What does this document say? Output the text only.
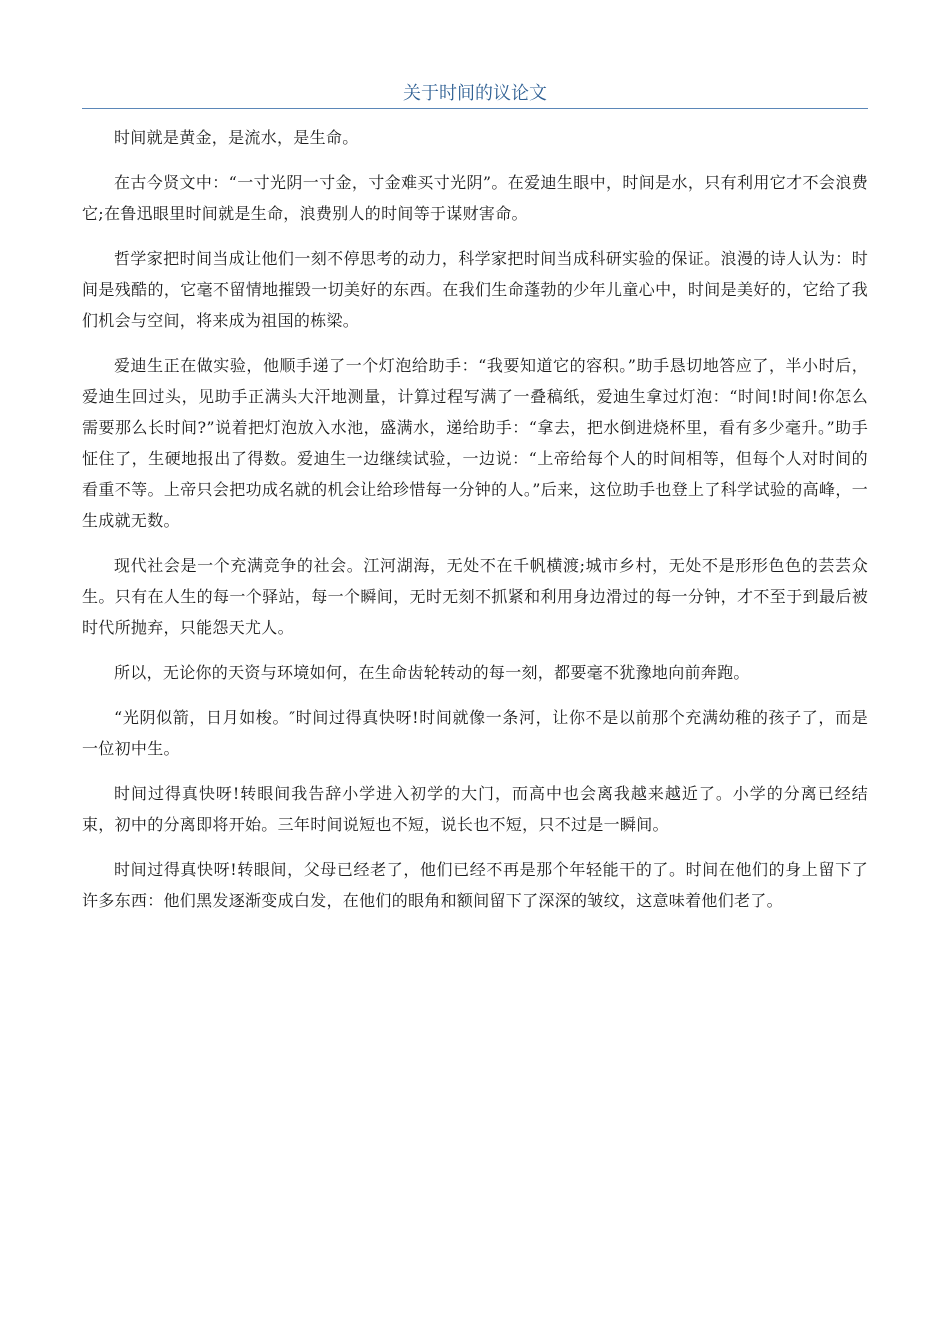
关于时间的议论文

时间就是黄金，是流水，是生命。

在古今贤文中：“一寸光阴一寸金，寸金难买寸光阴”。在爱迪生眼中，时间是水，只有利用它才不会浪费它;在鲁迅眼里时间就是生命，浪费别人的时间等于谋财害命。

哲学家把时间当成让他们一刻不停思考的动力，科学家把时间当成科研实验的保证。浪漫的诗人认为：时间是残酷的，它毫不留情地摧毁一切美好的东西。在我们生命蓬勃的少年儿童心中，时间是美好的，它给了我们机会与空间，将来成为祖国的栋梁。

爱迪生正在做实验，他顺手递了一个灯泡给助手：“我要知道它的容积。”助手恳切地答应了，半小时后，爱迪生回过头，见助手正满头大汗地测量，计算过程写满了一叠稿纸，爱迪生拿过灯泡：“时间!时间!你怎么需要那么长时间?”说着把灯泡放入水池，盛满水，递给助手：“拿去，把水倒进烧杯里，看有多少毫升。”助手怔住了，生硬地报出了得数。爱迪生一边继续试验，一边说：“上帝给每个人的时间相等，但每个人对时间的看重不等。上帝只会把功成名就的机会让给珍惜每一分钟的人。”后来，这位助手也登上了科学试验的高峰，一生成就无数。

现代社会是一个充满竞争的社会。江河湖海，无处不在千帆横渡;城市乡村，无处不是形形色色的芸芸众生。只有在人生的每一个驿站，每一个瞬间，无时无刻不抓紧和利用身边滑过的每一分钟，才不至于到最后被时代所抛弃，只能怨天尤人。

所以，无论你的天资与环境如何，在生命齿轮转动的每一刻，都要毫不犹豫地向前奔跑。

“光阴似箭，日月如梭。″时间过得真快呀!时间就像一条河，让你不是以前那个充满幼稚的孩子了，而是一位初中生。

时间过得真快呀!转眼间我告辞小学进入初学的大门，而高中也会离我越来越近了。小学的分离已经结束，初中的分离即将开始。三年时间说短也不短，说长也不短，只不过是一瞬间。

时间过得真快呀!转眼间，父母已经老了，他们已经不再是那个年轻能干的了。时间在他们的身上留下了许多东西：他们黑发逐渐变成白发，在他们的眼角和额间留下了深深的皱纹，这意味着他们老了。
